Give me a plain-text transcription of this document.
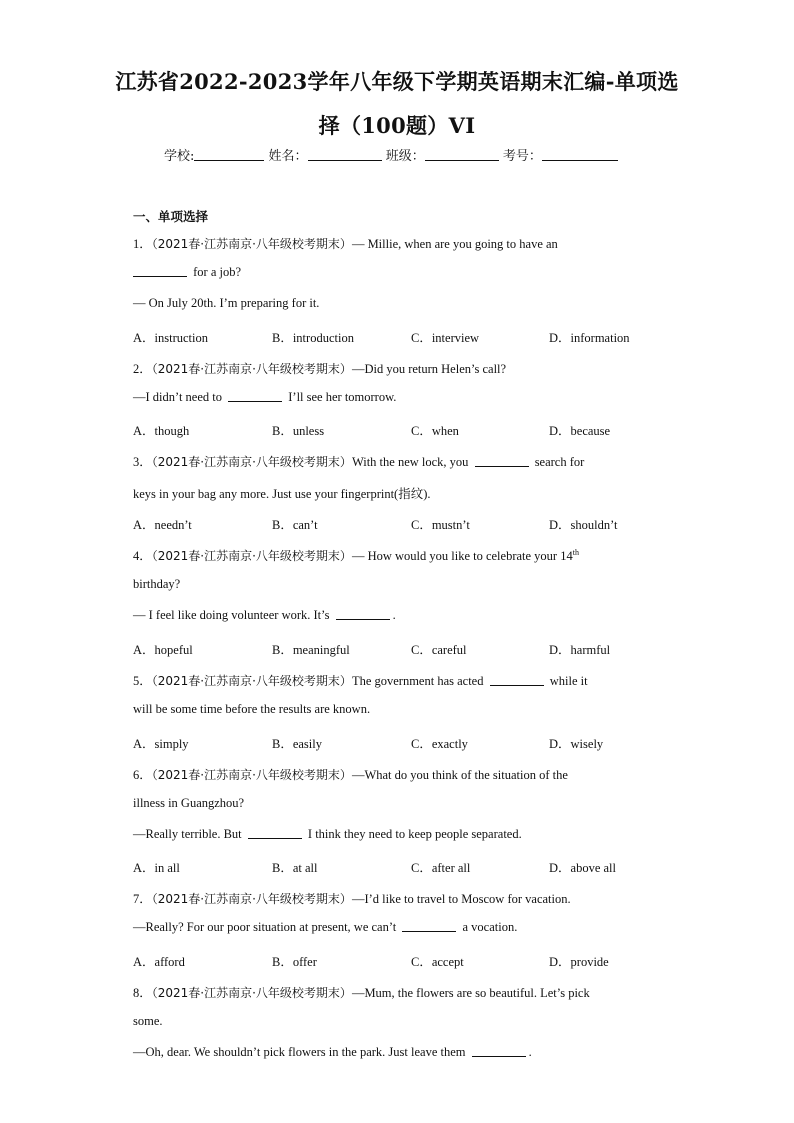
江苏省2022-2023学年八年级下学期英语期末汇编-单项选
择（100题）VI
学校:	姓名：	班级：	考号：
一、单项选择
1．（2021春·江苏南京·八年级校考期末）— Millie, when are you going to have an
for a job?
— On July 20th. I’m preparing for it.
A．instruction	B．introduction	C．interview	D．information
2．（2021春·江苏南京·八年级校考期末）—Did you return Helen’s call?
—I didn’t need to	I’ll see her tomorrow.
A．though	B．unless	C．when	D．because
3．（2021春·江苏南京·八年级校考期末）With the new lock, you	search for
keys in your bag any more. Just use your fingerprint(指纹).
A．needn’t	B．can’t	C．mustn’t	D．shouldn’t
4．（2021春·江苏南京·八年级校考期末）— How would you like to celebrate your 14th
birthday?
— I feel like doing volunteer work. It’s	.
A．hopeful	B．meaningful	C．careful	D．harmful
5．（2021春·江苏南京·八年级校考期末）The government has acted	while it
will be some time before the results are known.
A．simply	B．easily	C．exactly	D．wisely
6．（2021春·江苏南京·八年级校考期末）—What do you think of the situation of the
illness in Guangzhou?
—Really terrible. But	I think they need to keep people separated.
A．in all	B．at all	C．after all	D．above all
7．（2021春·江苏南京·八年级校考期末）—I’d like to travel to Moscow for vacation.
—Really? For our poor situation at present, we can’t	a vocation.
A．afford	B．offer	C．accept	D．provide
8．（2021春·江苏南京·八年级校考期末）—Mum, the flowers are so beautiful. Let’s pick
some.
—Oh, dear. We shouldn’t pick flowers in the park. Just leave them	.
